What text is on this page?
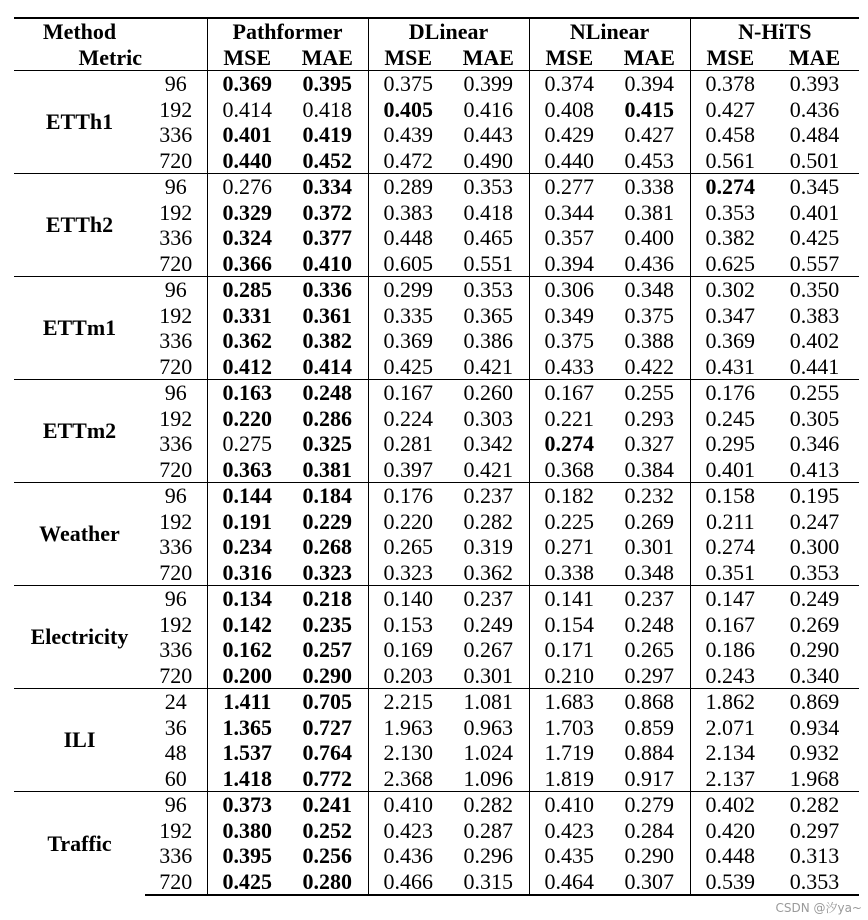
Method		Pathformer		DLinear		NLinear		N-HiTS	
Metric		MSE	MAE	MSE	MAE	MSE	MAE	MSE	MAE
ETTh1	96	0.369	0.395	0.375	0.399	0.374	0.394	0.378	0.393
	192	0.414	0.418	0.405	0.416	0.408	0.415	0.427	0.436
	336	0.401	0.419	0.439	0.443	0.429	0.427	0.458	0.484
	720	0.440	0.452	0.472	0.490	0.440	0.453	0.561	0.501
ETTh2	96	0.276	0.334	0.289	0.353	0.277	0.338	0.274	0.345
	192	0.329	0.372	0.383	0.418	0.344	0.381	0.353	0.401
	336	0.324	0.377	0.448	0.465	0.357	0.400	0.382	0.425
	720	0.366	0.410	0.605	0.551	0.394	0.436	0.625	0.557
ETTm1	96	0.285	0.336	0.299	0.353	0.306	0.348	0.302	0.350
	192	0.331	0.361	0.335	0.365	0.349	0.375	0.347	0.383
	336	0.362	0.382	0.369	0.386	0.375	0.388	0.369	0.402
	720	0.412	0.414	0.425	0.421	0.433	0.422	0.431	0.441
ETTm2	96	0.163	0.248	0.167	0.260	0.167	0.255	0.176	0.255
	192	0.220	0.286	0.224	0.303	0.221	0.293	0.245	0.305
	336	0.275	0.325	0.281	0.342	0.274	0.327	0.295	0.346
	720	0.363	0.381	0.397	0.421	0.368	0.384	0.401	0.413
Weather	96	0.144	0.184	0.176	0.237	0.182	0.232	0.158	0.195
	192	0.191	0.229	0.220	0.282	0.225	0.269	0.211	0.247
	336	0.234	0.268	0.265	0.319	0.271	0.301	0.274	0.300
	720	0.316	0.323	0.323	0.362	0.338	0.348	0.351	0.353
Electricity	96	0.134	0.218	0.140	0.237	0.141	0.237	0.147	0.249
	192	0.142	0.235	0.153	0.249	0.154	0.248	0.167	0.269
	336	0.162	0.257	0.169	0.267	0.171	0.265	0.186	0.290
	720	0.200	0.290	0.203	0.301	0.210	0.297	0.243	0.340
ILI	24	1.411	0.705	2.215	1.081	1.683	0.868	1.862	0.869
	36	1.365	0.727	1.963	0.963	1.703	0.859	2.071	0.934
	48	1.537	0.764	2.130	1.024	1.719	0.884	2.134	0.932
	60	1.418	0.772	2.368	1.096	1.819	0.917	2.137	1.968
Traffic	96	0.373	0.241	0.410	0.282	0.410	0.279	0.402	0.282
	192	0.380	0.252	0.423	0.287	0.423	0.284	0.420	0.297
	336	0.395	0.256	0.436	0.296	0.435	0.290	0.448	0.313
	720	0.425	0.280	0.466	0.315	0.464	0.307	0.539	0.353
CSDN @汐ya~
